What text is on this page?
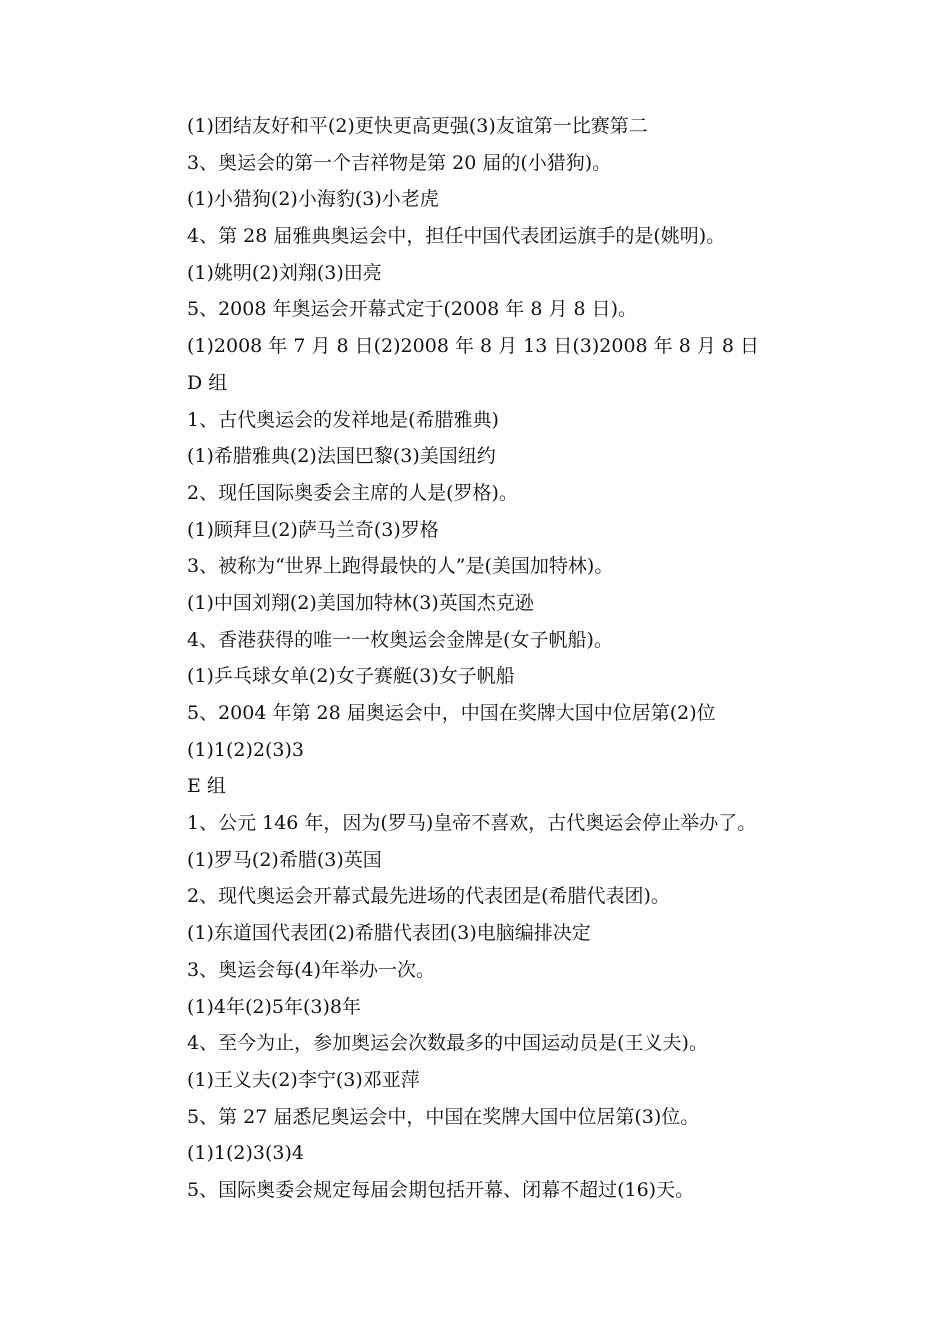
(1)团结友好和平(2)更快更高更强(3)友谊第一比赛第二
3、奥运会的第一个吉祥物是第 20 届的(小猎狗)。
(1)小猎狗(2)小海豹(3)小老虎
4、第 28 届雅典奥运会中，担任中国代表团运旗手的是(姚明)。
(1)姚明(2)刘翔(3)田亮
5、2008 年奥运会开幕式定于(2008 年 8 月 8 日)。
(1)2008 年 7 月 8 日(2)2008 年 8 月 13 日(3)2008 年 8 月 8 日
D 组
1、古代奥运会的发祥地是(希腊雅典)
(1)希腊雅典(2)法国巴黎(3)美国纽约
2、现任国际奥委会主席的人是(罗格)。
(1)顾拜旦(2)萨马兰奇(3)罗格
3、被称为“世界上跑得最快的人”是(美国加特林)。
(1)中国刘翔(2)美国加特林(3)英国杰克逊
4、香港获得的唯一一枚奥运会金牌是(女子帆船)。
(1)乒乓球女单(2)女子赛艇(3)女子帆船
5、2004 年第 28 届奥运会中，中国在奖牌大国中位居第(2)位
(1)1(2)2(3)3
E 组
1、公元 146 年，因为(罗马)皇帝不喜欢，古代奥运会停止举办了。
(1)罗马(2)希腊(3)英国
2、现代奥运会开幕式最先进场的代表团是(希腊代表团)。
(1)东道国代表团(2)希腊代表团(3)电脑编排决定
3、奥运会每(4)年举办一次。
(1)4年(2)5年(3)8年
4、至今为止，参加奥运会次数最多的中国运动员是(王义夫)。
(1)王义夫(2)李宁(3)邓亚萍
5、第 27 届悉尼奥运会中，中国在奖牌大国中位居第(3)位。
(1)1(2)3(3)4
5、国际奥委会规定每届会期包括开幕、闭幕不超过(16)天。
